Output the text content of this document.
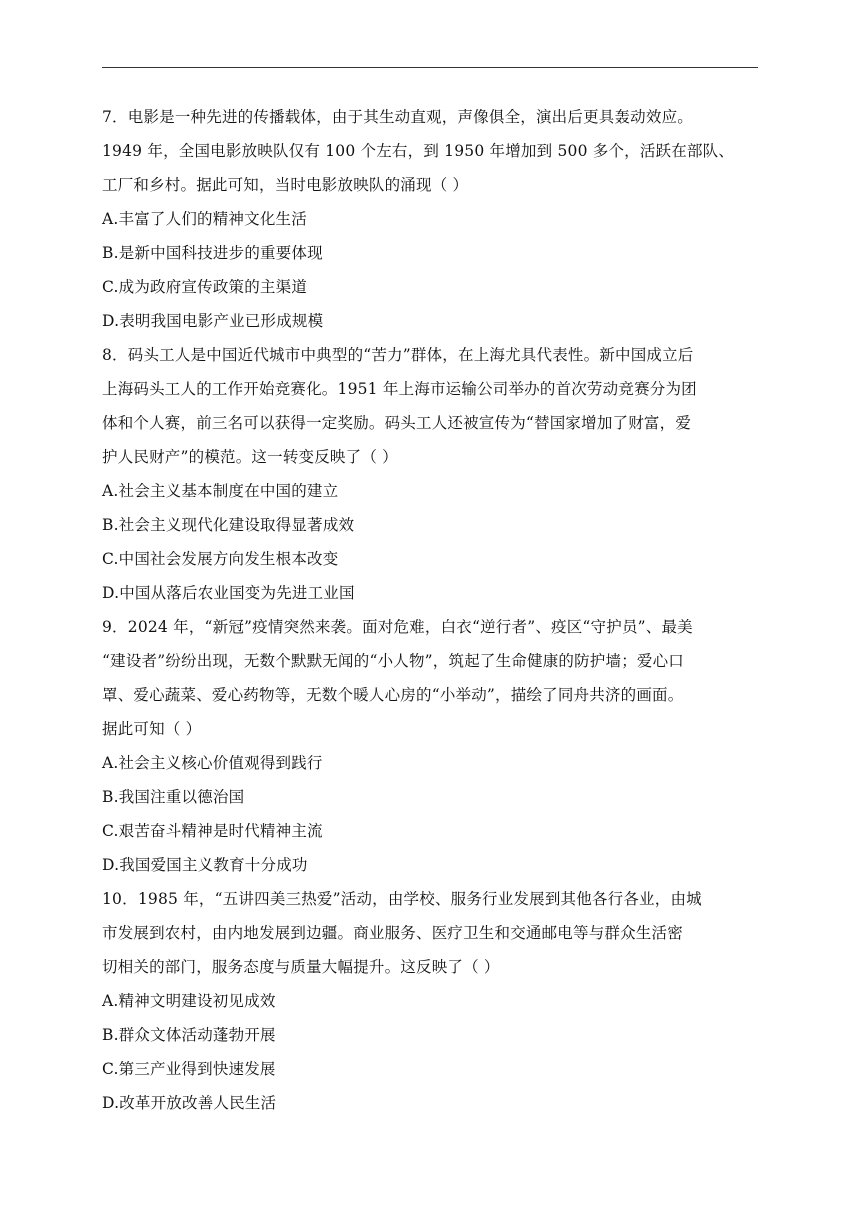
7．电影是一种先进的传播载体，由于其生动直观，声像俱全，演出后更具轰动效应。
1949 年，全国电影放映队仅有 100 个左右，到 1950 年增加到 500 多个，活跃在部队、
工厂和乡村。据此可知，当时电影放映队的涌现（ ）
A.丰富了人们的精神文化生活
B.是新中国科技进步的重要体现
C.成为政府宣传政策的主渠道
D.表明我国电影产业已形成规模
8．码头工人是中国近代城市中典型的“苦力”群体，在上海尤具代表性。新中国成立后
上海码头工人的工作开始竞赛化。1951 年上海市运输公司举办的首次劳动竞赛分为团
体和个人赛，前三名可以获得一定奖励。码头工人还被宣传为“替国家增加了财富，爱
护人民财产”的模范。这一转变反映了（ ）
A.社会主义基本制度在中国的建立
B.社会主义现代化建设取得显著成效
C.中国社会发展方向发生根本改变
D.中国从落后农业国变为先进工业国
9．2024 年，“新冠”疫情突然来袭。面对危难，白衣“逆行者”、疫区“守护员”、最美
“建设者”纷纷出现，无数个默默无闻的“小人物”，筑起了生命健康的防护墙；爱心口
罩、爱心蔬菜、爱心药物等，无数个暖人心房的“小举动”，描绘了同舟共济的画面。
据此可知（ ）
A.社会主义核心价值观得到践行
B.我国注重以德治国
C.艰苦奋斗精神是时代精神主流
D.我国爱国主义教育十分成功
10．1985 年，“五讲四美三热爱”活动，由学校、服务行业发展到其他各行各业，由城
市发展到农村，由内地发展到边疆。商业服务、医疗卫生和交通邮电等与群众生活密
切相关的部门，服务态度与质量大幅提升。这反映了（ ）
A.精神文明建设初见成效
B.群众文体活动蓬勃开展
C.第三产业得到快速发展
D.改革开放改善人民生活
